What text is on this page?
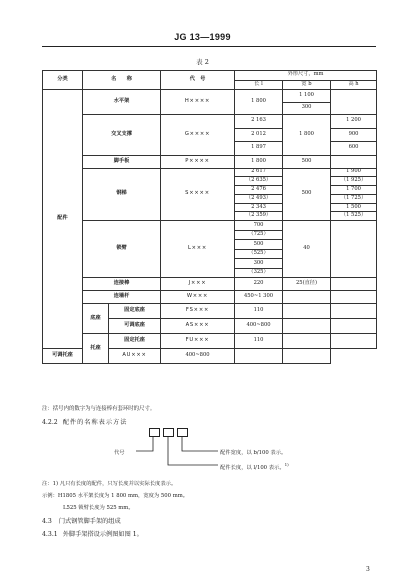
JG 13—1999
表 2
分类	名　　称		代　号	外形尺寸，mm		
				长 l	宽 b	高 h
配件	水平架		H××××	1 800	1 100	
					300	
	交叉支撑		G××××	2 163	1 800	1 200
				2 012		900
				1 897		600
	脚手板		P××××	1 800	500	
	钢梯		S××××	2 617	500	1 900
				（2 635）		（1 925）
				2 476		1 700
				（2 493）		（1 725）
				2 343		1 500
				（2 359）		（1 525）
	锁臂		L×××	700	40	
				（725）		
				500		
				（525）		
				300		
				（325）		
	连接棒		J×××	220	25(直径)	
	连墙杆		W×××	450~1 300		
	底座	固定底座	FS×××	110		
		可调底座	AS×××	400~800		
	托座	固定托座	FU×××	110		
可调托座		AU×××	400~800			
注：括号内的数字为与连接棒有套环时的尺寸。
4.2.2 配件的名称表示方法
代号	配件宽度，以 b/100 表示。
配件长度，以 l/100 表示。$^{1)}$
注：1) 凡只有长度的配件，只写长度并以实际长度表示。
示例：H1805 水平架长度为 1 800 mm，宽度为 500 mm。
L525 锁臂长度为 525 mm。
4.3 门式钢管脚手架的组成
4.3.1 外脚手架搭设示例图如图 1。
3
